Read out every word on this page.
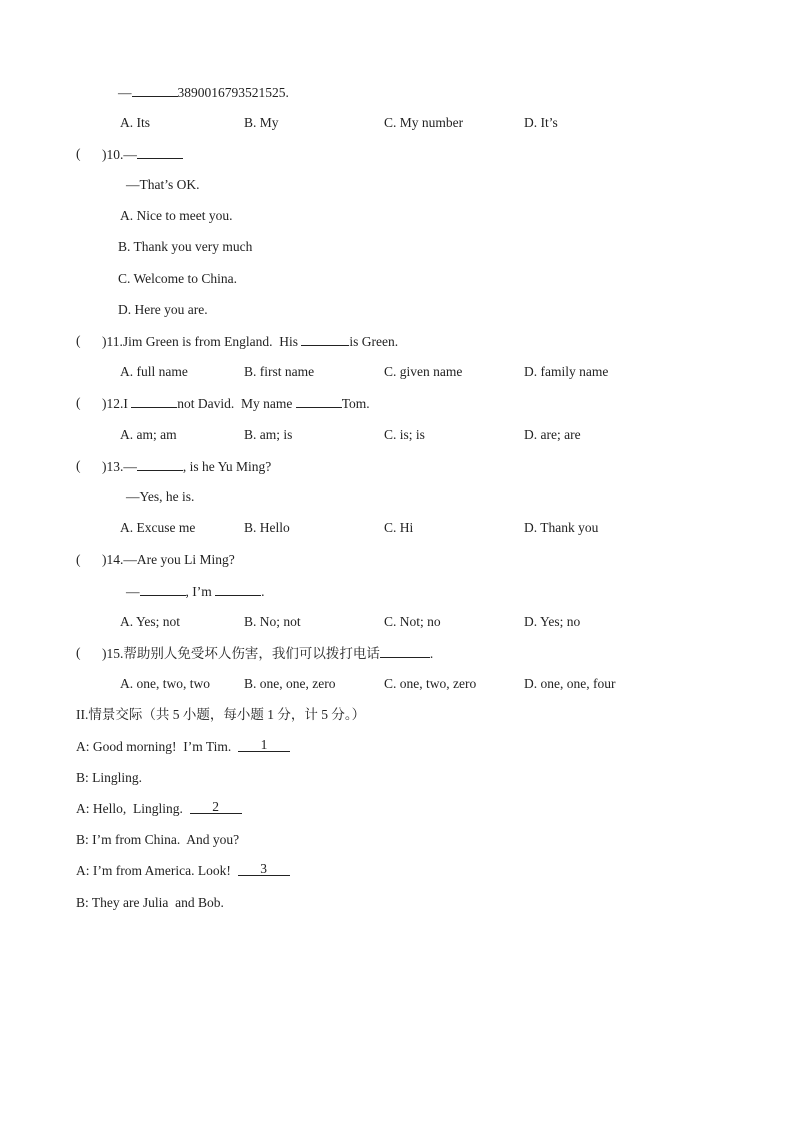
—	3890016793521525.
A. Its	B. My	C. My number	D. It’s
( )10.—
—That’s OK.
A. Nice to meet you.
B. Thank you very much
C. Welcome to China.
D. Here you are.
( )11.Jim Green is from England.  His	is Green.
A. full name	B. first name	C. given name	D. family name
( )12.I	not David.  My name	Tom.
A. am; am	B. am; is	C. is; is	D. are; are
( )13.—	, is he Yu Ming?
—Yes, he is.
A. Excuse me	B. Hello	C. Hi	D. Thank you
( )14.—Are you Li Ming?
—	, I’m	.
A. Yes; not	B. No; not	C. Not; no	D. Yes; no
( )15.帮助别人免受坏人伤害，我们可以拨打电话	.
A. one, two, two	B. one, one, zero	C. one, two, zero	D. one, one, four
II.情景交际（共 5 小题，每小题 1 分，计 5 分。）
A: Good morning!  I’m Tim.  1
B: Lingling.
A: Hello,  Lingling.  2
B: I’m from China.  And you?
A: I’m from America. Look!  3
B: They are Julia  and Bob.
